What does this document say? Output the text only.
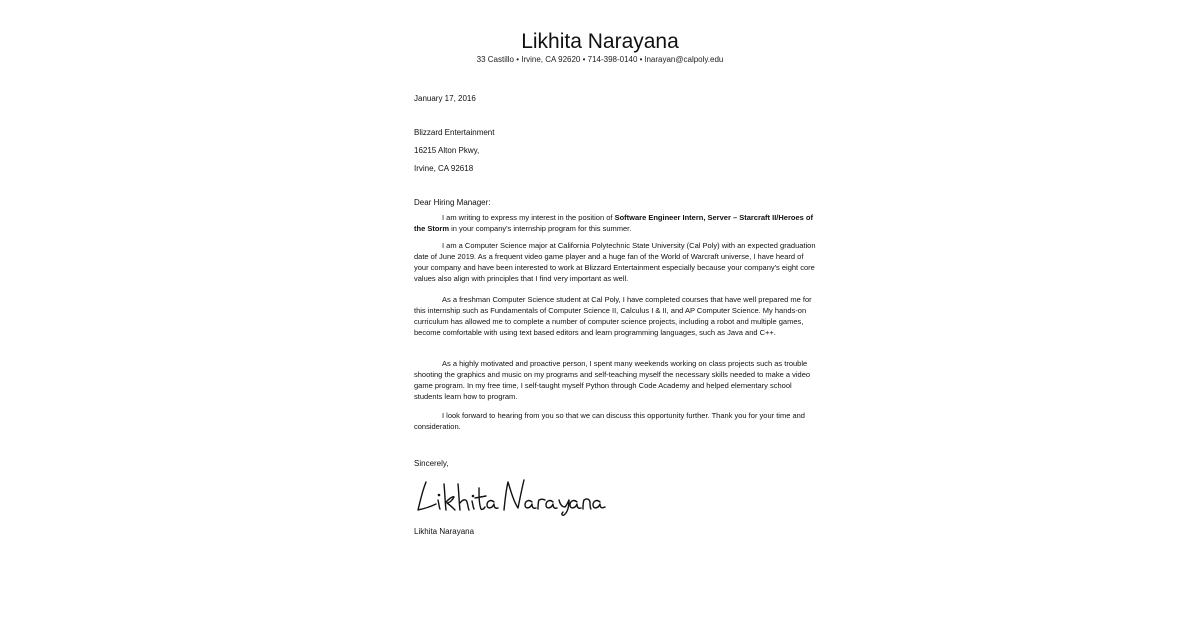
Likhita Narayana
33 Castillo • Irvine, CA 92620 • 714-398-0140 • lnarayan@calpoly.edu
January 17, 2016
Blizzard Entertainment
16215 Alton Pkwy,
Irvine, CA 92618
Dear Hiring Manager:

I am writing to express my interest in the position of Software Engineer Intern, Server – Starcraft II/Heroes of the Storm in your company's internship program for this summer.

I am a Computer Science major at California Polytechnic State University (Cal Poly) with an expected graduation date of June 2019. As a frequent video game player and a huge fan of the World of Warcraft universe, I have heard of your company and have been interested to work at Blizzard Entertainment especially because your company's eight core values also align with principles that I find very important as well.

As a freshman Computer Science student at Cal Poly, I have completed courses that have well prepared me for this internship such as Fundamentals of Computer Science II, Calculus I & II, and AP Computer Science. My hands-on curriculum has allowed me to complete a number of computer science projects, including a robot and multiple games, become comfortable with using text based editors and learn programming languages, such as Java and C++.

As a highly motivated and proactive person, I spent many weekends working on class projects such as trouble shooting the graphics and music on my programs and self-teaching myself the necessary skills needed to make a video game program. In my free time, I self-taught myself Python through Code Academy and helped elementary school students learn how to program.

I look forward to hearing from you so that we can discuss this opportunity further. Thank you for your time and consideration.

Sincerely,
Likhita Narayana
